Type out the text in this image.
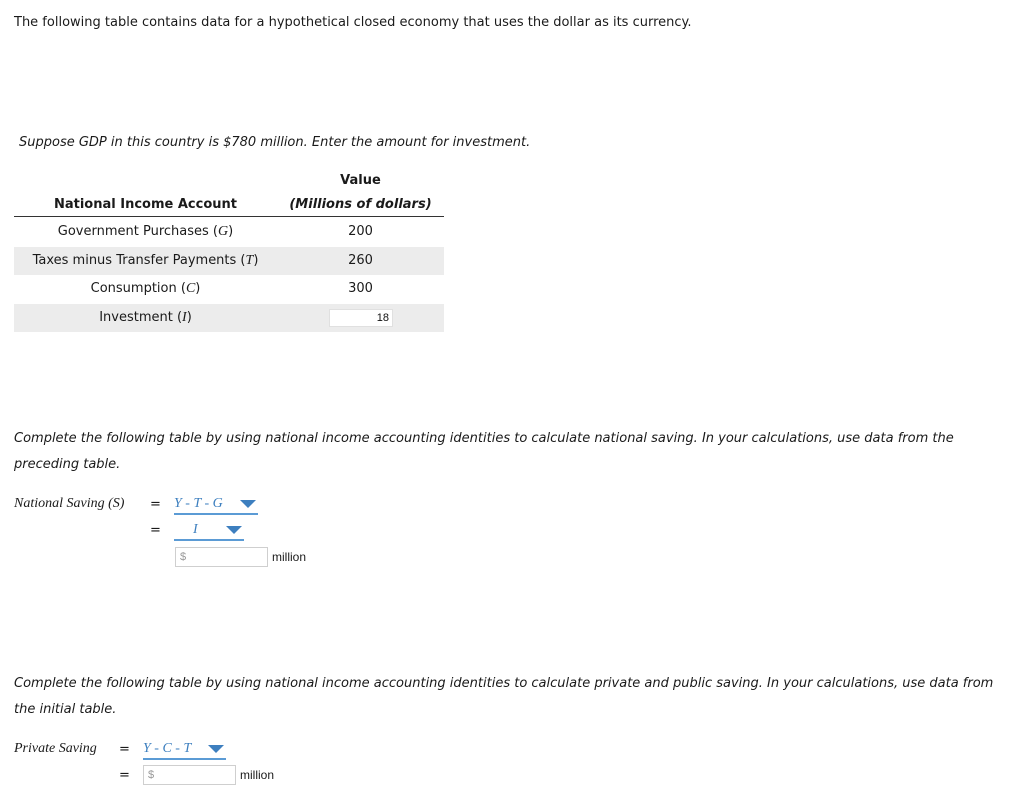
The following table contains data for a hypothetical closed economy that uses the dollar as its currency.
Suppose GDP in this country is $780 million. Enter the amount for investment.
Value
National Income Account	(Millions of dollars)
Government Purchases (G)	200
Taxes minus Transfer Payments (T)	260
Consumption (C)	300
Investment (I)	18
Complete the following table by using national income accounting identities to calculate national saving. In your calculations, use data from the
preceding table.
National Saving (S) = Y - T - G
=	I
$	million
Complete the following table by using national income accounting identities to calculate private and public saving. In your calculations, use data from
the initial table.
Private Saving = Y - C - T
=	$	million
